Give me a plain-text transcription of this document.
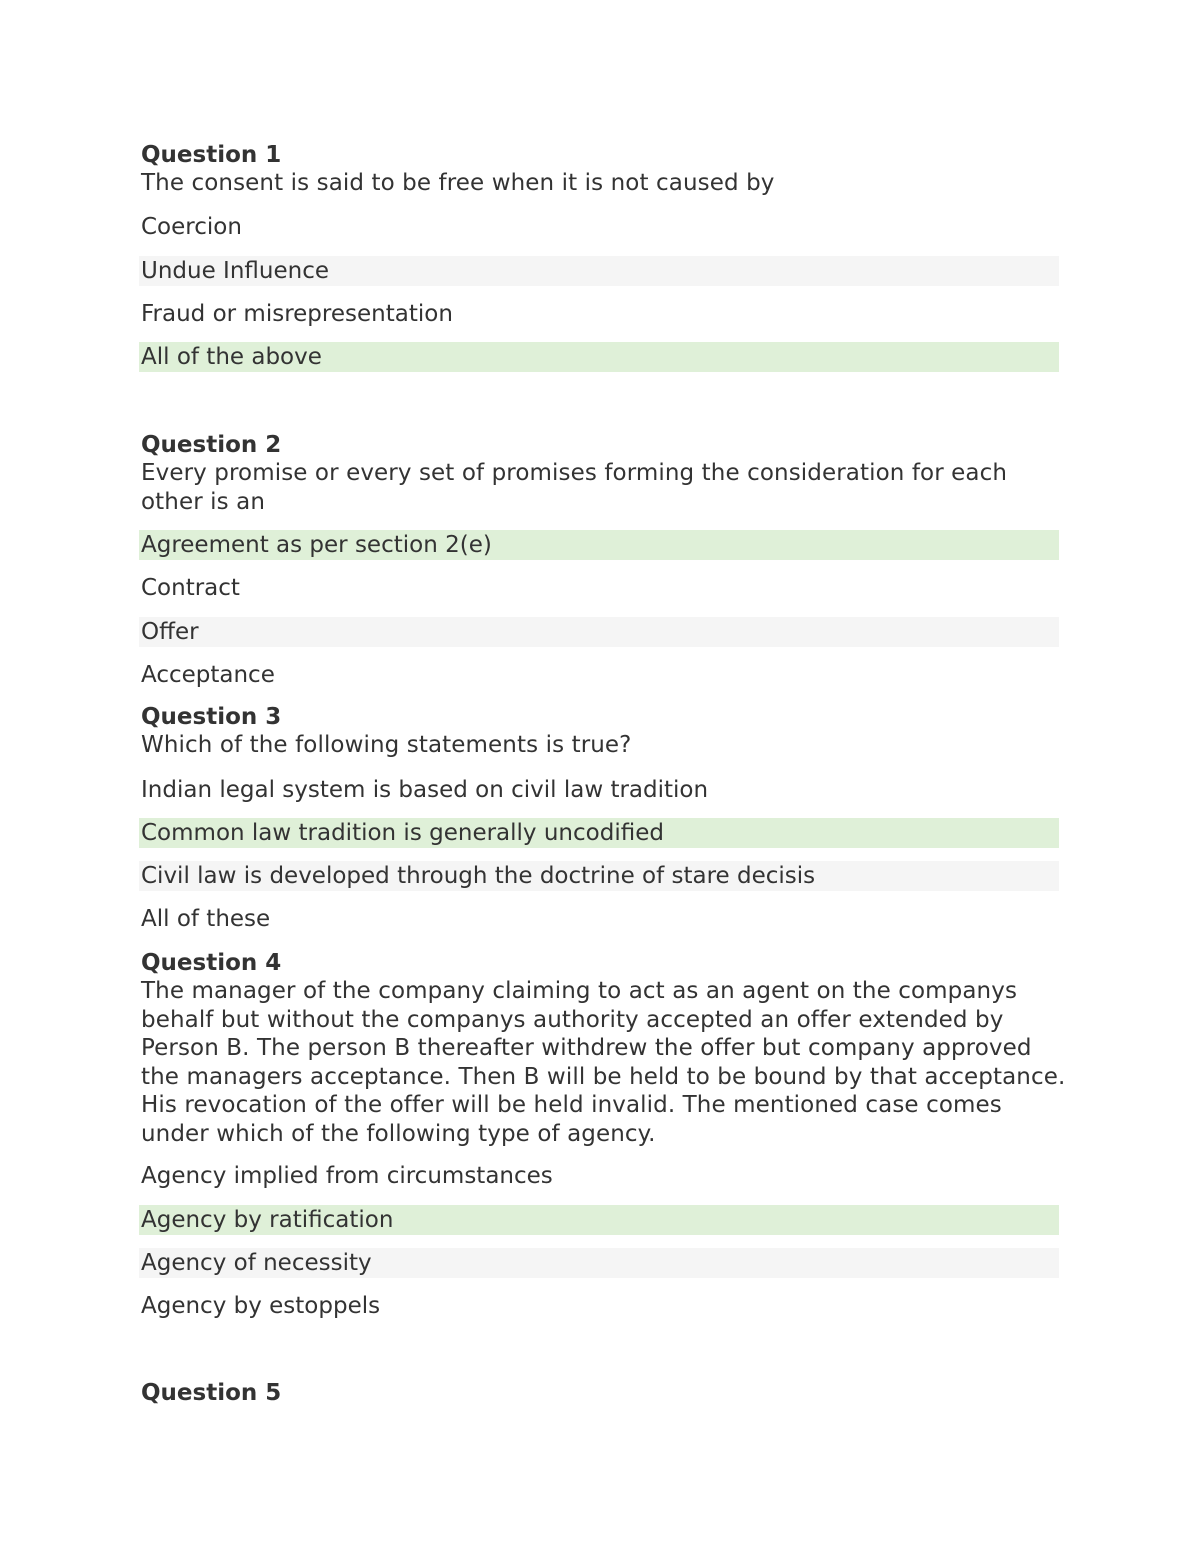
Question 1
The consent is said to be free when it is not caused by
Coercion
Undue Influence
Fraud or misrepresentation
All of the above
Question 2
Every promise or every set of promises forming the consideration for each other is an
Agreement as per section 2(e)
Contract
Offer
Acceptance
Question 3
Which of the following statements is true?
Indian legal system is based on civil law tradition
Common law tradition is generally uncodified
Civil law is developed through the doctrine of stare decisis
All of these
Question 4
The manager of the company claiming to act as an agent on the companys behalf but without the companys authority accepted an offer extended by Person B. The person B thereafter withdrew the offer but company approved the managers acceptance. Then B will be held to be bound by that acceptance. His revocation of the offer will be held invalid. The mentioned case comes under which of the following type of agency.
Agency implied from circumstances
Agency by ratification
Agency of necessity
Agency by estoppels
Question 5
